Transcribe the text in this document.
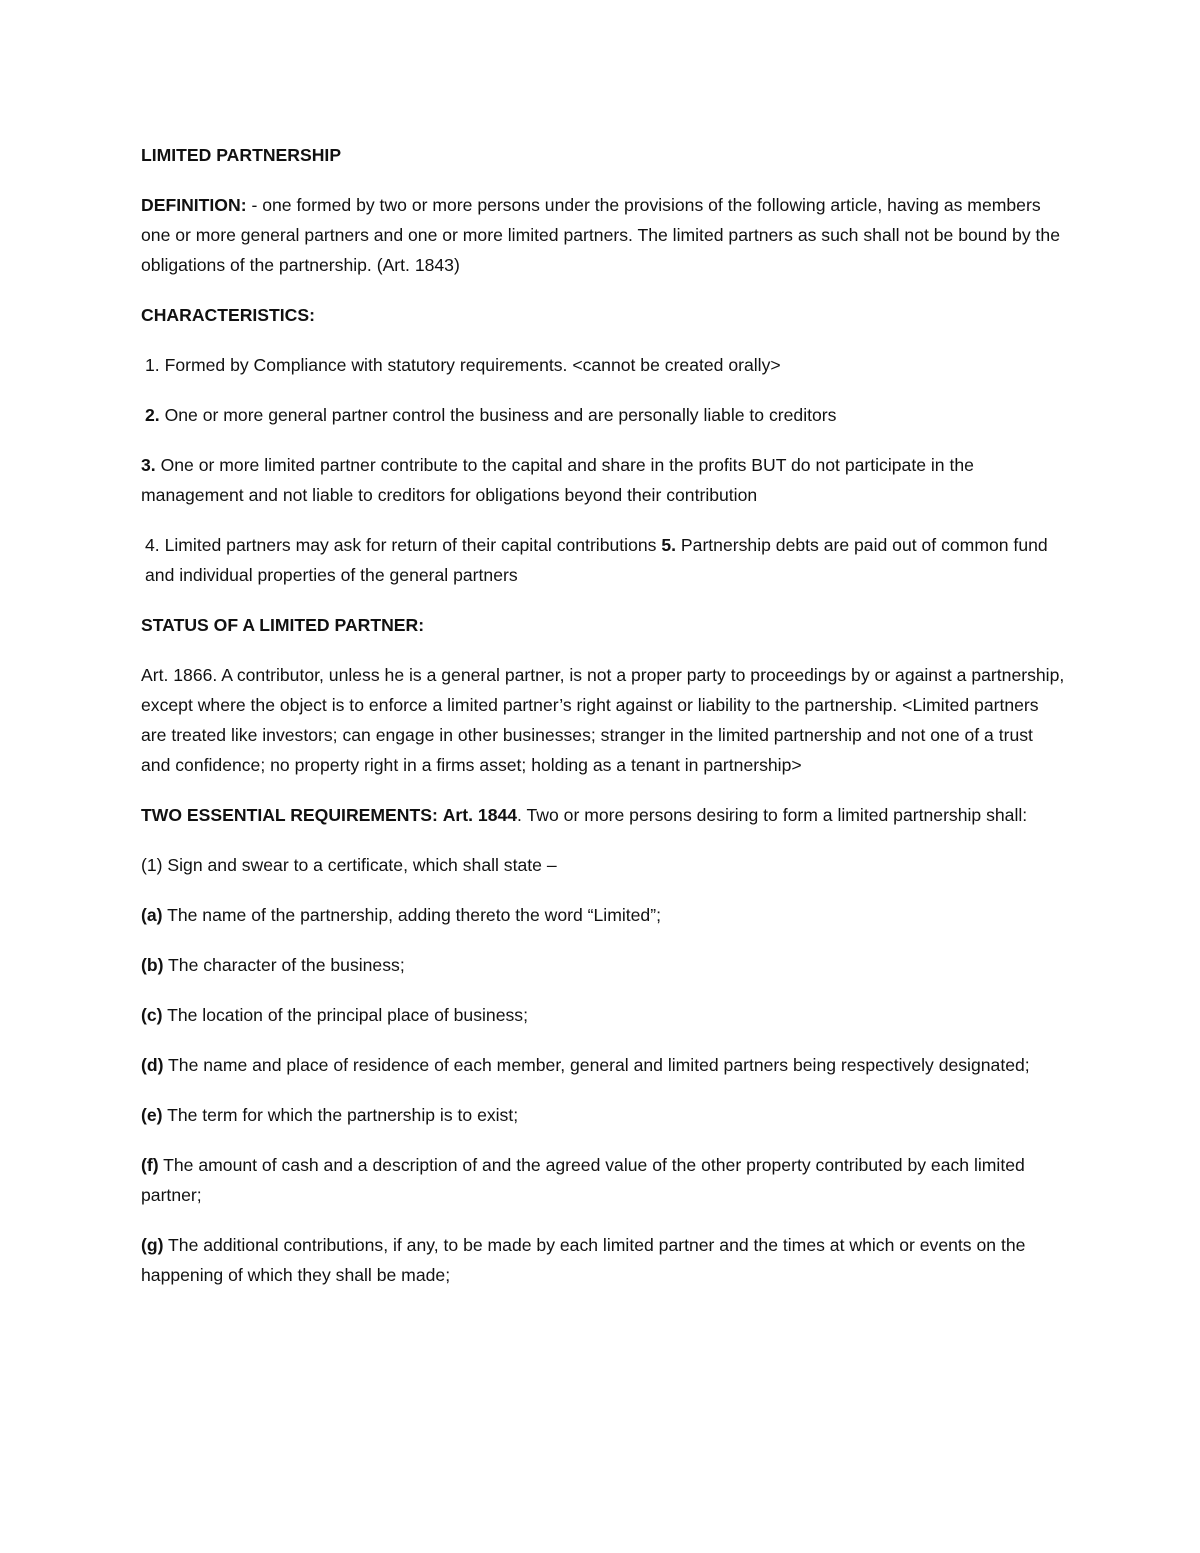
LIMITED PARTNERSHIP

DEFINITION: - one formed by two or more persons under the provisions of the following article, having as members one or more general partners and one or more limited partners. The limited partners as such shall not be bound by the obligations of the partnership. (Art. 1843)

CHARACTERISTICS:

1. Formed by Compliance with statutory requirements. <cannot be created orally>

2. One or more general partner control the business and are personally liable to creditors

3. One or more limited partner contribute to the capital and share in the profits BUT do not participate in the management and not liable to creditors for obligations beyond their contribution

4. Limited partners may ask for return of their capital contributions 5. Partnership debts are paid out of common fund and individual properties of the general partners

STATUS OF A LIMITED PARTNER:

Art. 1866. A contributor, unless he is a general partner, is not a proper party to proceedings by or against a partnership, except where the object is to enforce a limited partner’s right against or liability to the partnership. <Limited partners are treated like investors; can engage in other businesses; stranger in the limited partnership and not one of a trust and confidence; no property right in a firms asset; holding as a tenant in partnership>

TWO ESSENTIAL REQUIREMENTS: Art. 1844. Two or more persons desiring to form a limited partnership shall:

(1) Sign and swear to a certificate, which shall state –

(a) The name of the partnership, adding thereto the word “Limited”;

(b) The character of the business;

(c) The location of the principal place of business;

(d) The name and place of residence of each member, general and limited partners being respectively designated;

(e) The term for which the partnership is to exist;

(f) The amount of cash and a description of and the agreed value of the other property contributed by each limited partner;

(g) The additional contributions, if any, to be made by each limited partner and the times at which or events on the happening of which they shall be made;
